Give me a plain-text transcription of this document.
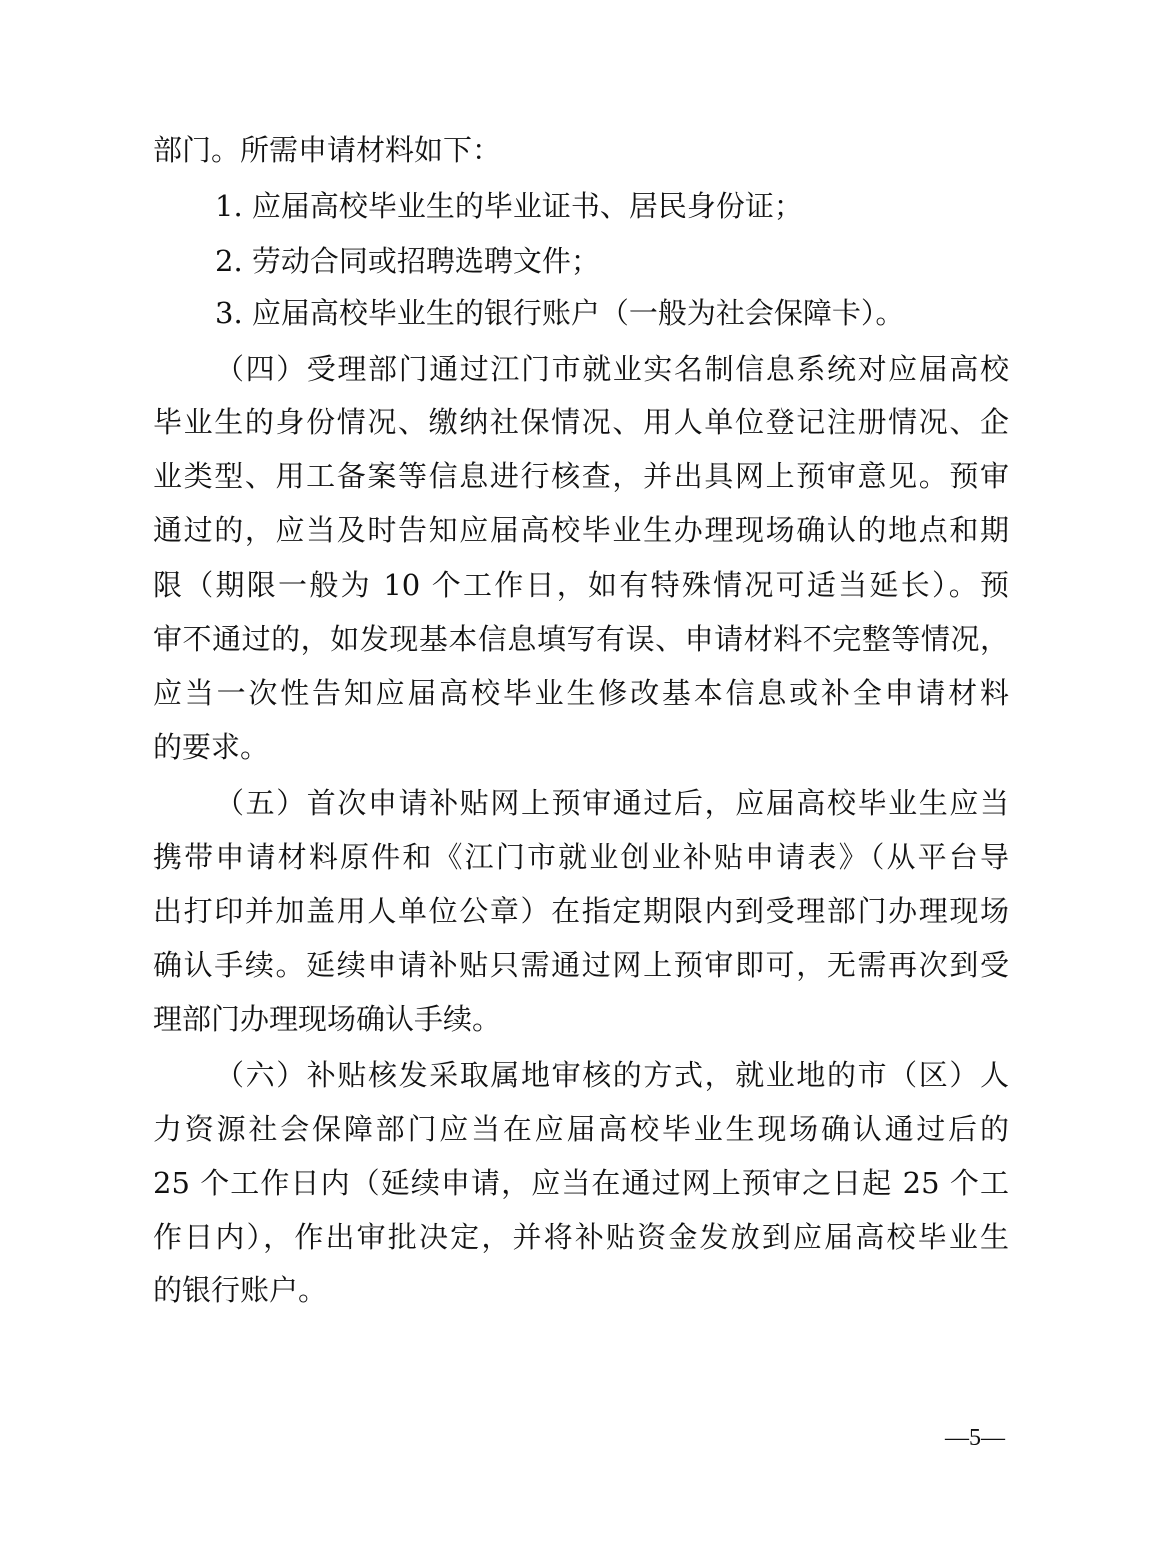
部门。所需申请材料如下：
1. 应届高校毕业生的毕业证书、居民身份证；
2. 劳动合同或招聘选聘文件；
3. 应届高校毕业生的银行账户（一般为社会保障卡）。
（四）受理部门通过江门市就业实名制信息系统对应届高校
毕业生的身份情况、缴纳社保情况、用人单位登记注册情况、企
业类型、用工备案等信息进行核查，并出具网上预审意见。预审
通过的，应当及时告知应届高校毕业生办理现场确认的地点和期
限（期限一般为 10 个工作日，如有特殊情况可适当延长）。预
审不通过的，如发现基本信息填写有误、申请材料不完整等情况，
应当一次性告知应届高校毕业生修改基本信息或补全申请材料
的要求。
（五）首次申请补贴网上预审通过后，应届高校毕业生应当
携带申请材料原件和《江门市就业创业补贴申请表》（从平台导
出打印并加盖用人单位公章）在指定期限内到受理部门办理现场
确认手续。延续申请补贴只需通过网上预审即可，无需再次到受
理部门办理现场确认手续。
（六）补贴核发采取属地审核的方式，就业地的市（区）人
力资源社会保障部门应当在应届高校毕业生现场确认通过后的
25 个工作日内（延续申请，应当在通过网上预审之日起 25 个工
作日内），作出审批决定，并将补贴资金发放到应届高校毕业生
的银行账户。
—5—
